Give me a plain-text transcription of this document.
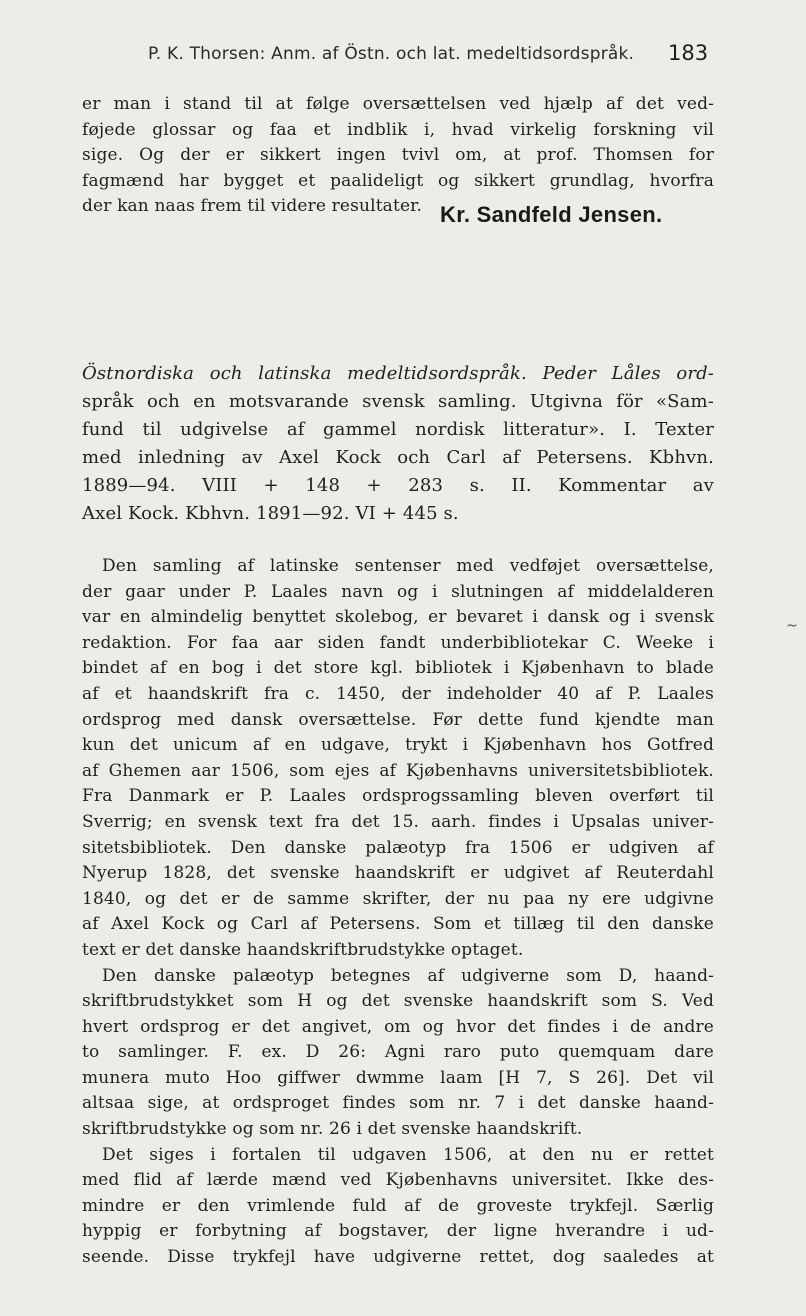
P. K. Thorsen: Anm. af Östn. och lat. medeltidsordspråk.	183
er man i stand til at følge oversættelsen ved hjælp af det ved-
føjede glossar og faa et indblik i, hvad virkelig forskning vil
sige. Og der er sikkert ingen tvivl om, at prof. Thomsen for
fagmænd har bygget et paalideligt og sikkert grundlag, hvorfra
der kan naas frem til videre resultater. Kr. Sandfeld Jensen.
Östnordiska och latinska medeltidsordspråk. Peder Låles ord-
språk och en motsvarande svensk samling. Utgivna för «Sam-
fund til udgivelse af gammel nordisk litteratur». I. Texter
med inledning av Axel Kock och Carl af Petersens. Kbhvn.
1889—94. VIII + 148 + 283 s. II. Kommentar av
Axel Kock. Kbhvn. 1891—92. VI + 445 s.
Den samling af latinske sentenser med vedføjet oversættelse,
der gaar under P. Laales navn og i slutningen af middelalderen
var en almindelig benyttet skolebog, er bevaret i dansk og i svensk
redaktion. For faa aar siden fandt underbibliotekar C. Weeke i
bindet af en bog i det store kgl. bibliotek i Kjøbenhavn to blade
af et haandskrift fra c. 1450, der indeholder 40 af P. Laales
ordsprog med dansk oversættelse. Før dette fund kjendte man
kun det unicum af en udgave, trykt i Kjøbenhavn hos Gotfred
af Ghemen aar 1506, som ejes af Kjøbenhavns universitetsbibliotek.
Fra Danmark er P. Laales ordsprogssamling bleven overført til
Sverrig; en svensk text fra det 15. aarh. findes i Upsalas univer-
sitetsbibliotek. Den danske palæotyp fra 1506 er udgiven af
Nyerup 1828, det svenske haandskrift er udgivet af Reuterdahl
1840, og det er de samme skrifter, der nu paa ny ere udgivne
af Axel Kock og Carl af Petersens. Som et tillæg til den danske
text er det danske haandskriftbrudstykke optaget.
Den danske palæotyp betegnes af udgiverne som D, haand-
skriftbrudstykket som H og det svenske haandskrift som S. Ved
hvert ordsprog er det angivet, om og hvor det findes i de andre
to samlinger. F. ex. D 26: Agni raro puto quemquam dare
munera muto Hoo giffwer dwmme laam [H 7, S 26]. Det vil
altsaa sige, at ordsproget findes som nr. 7 i det danske haand-
skriftbrudstykke og som nr. 26 i det svenske haandskrift.
Det siges i fortalen til udgaven 1506, at den nu er rettet
med flid af lærde mænd ved Kjøbenhavns universitet. Ikke des-
mindre er den vrimlende fuld af de groveste trykfejl. Særlig
hyppig er forbytning af bogstaver, der ligne hverandre i ud-
seende. Disse trykfejl have udgiverne rettet, dog saaledes at
~
